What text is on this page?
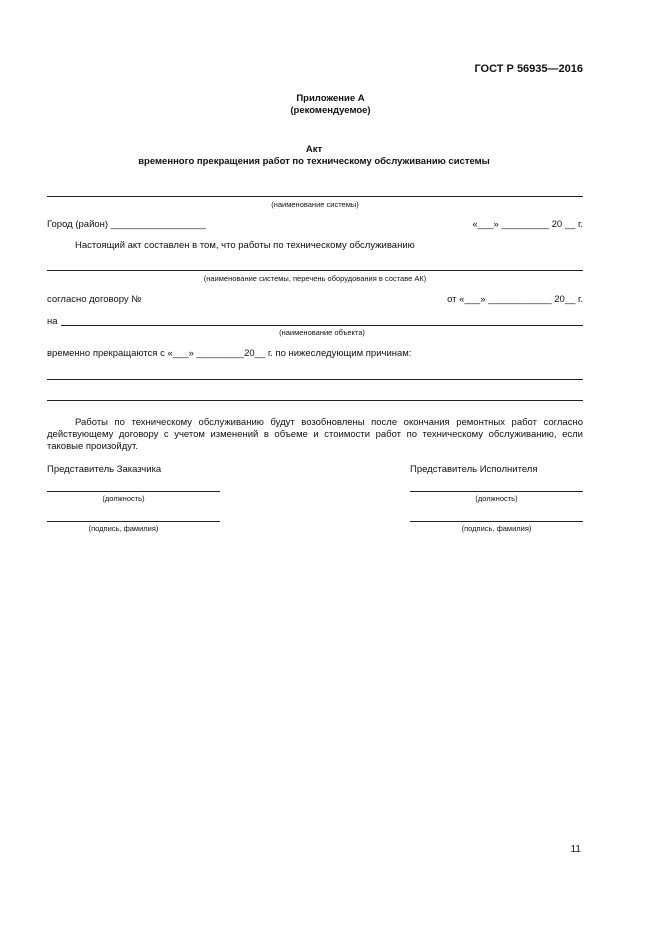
ГОСТ Р 56935—2016
Приложение А
(рекомендуемое)
Акт
временного прекращения работ по техническому обслуживанию системы
(наименование системы)
Город (район) __________________	«___» _________ 20 __ г.
Настоящий акт составлен в том, что работы по техническому обслуживанию
(наименование системы, перечень оборудования в составе АК)
согласно договору №	от «___» ____________ 20__ г.
на
(наименование объекта)
временно прекращаются с «___» _________20__ г. по нижеследующим причинам:
Работы по техническому обслуживанию будут возобновлены после окончания ремонтных работ согласно действующему договору с учетом изменений в объеме и стоимости работ по техническому обслуживанию, если таковые произойдут.
Представитель Заказчика
(должность)
(подпись, фамилия)
Представитель Исполнителя
(должность)
(подпись, фамилия)
11
